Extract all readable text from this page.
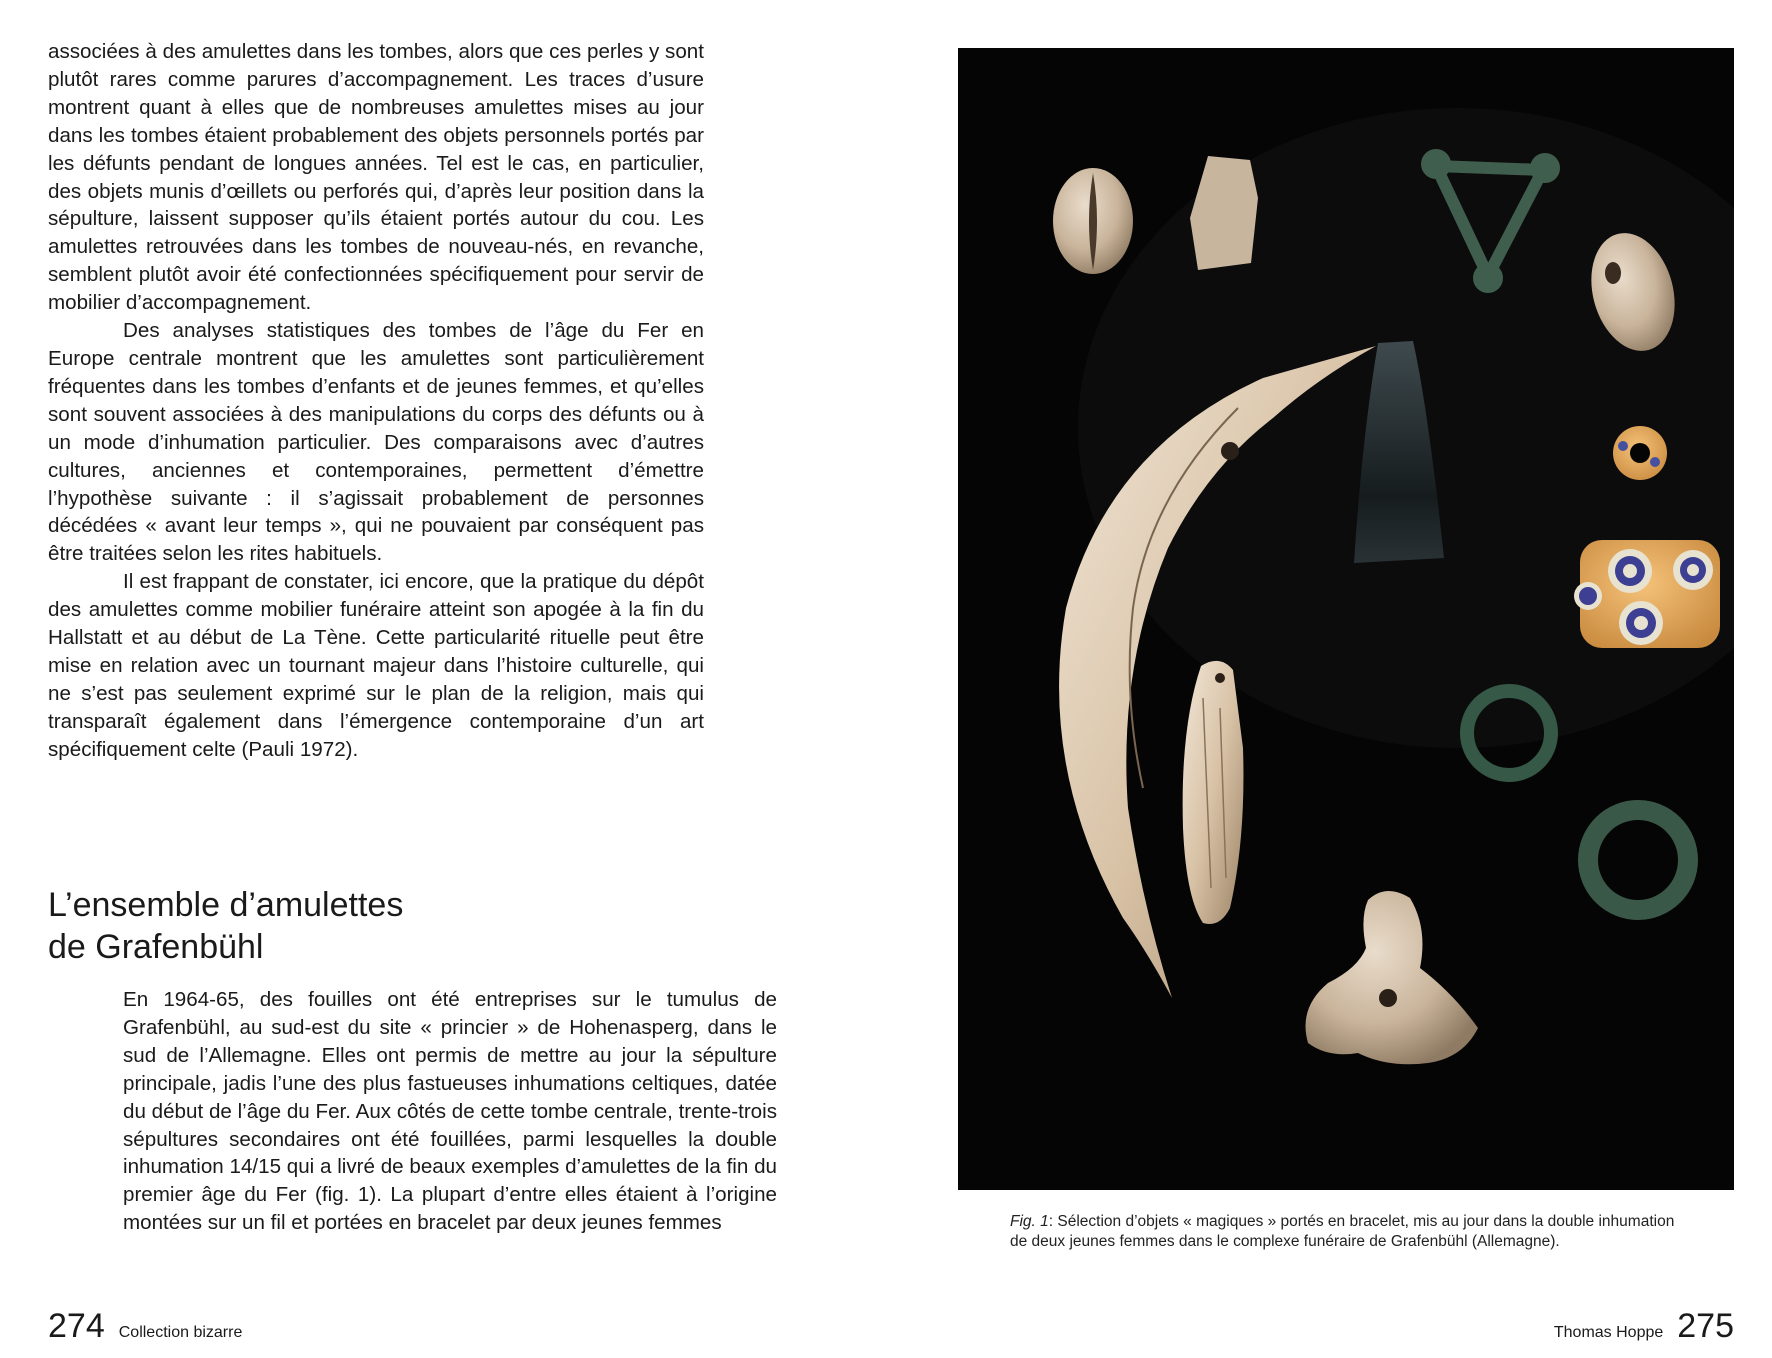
associées à des amulettes dans les tombes, alors que ces perles y sont plutôt rares comme parures d’accompagnement. Les traces d’usure montrent quant à elles que de nombreuses amulettes mises au jour dans les tombes étaient probablement des objets personnels portés par les défunts pendant de longues années. Tel est le cas, en particulier, des objets munis d’œillets ou perforés qui, d’après leur position dans la sépulture, laissent supposer qu’ils étaient portés autour du cou. Les amulettes retrouvées dans les tombes de nouveau-nés, en revanche, semblent plutôt avoir été confectionnées spécifiquement pour servir de mobilier d’accompagnement.

Des analyses statistiques des tombes de l’âge du Fer en Europe centrale montrent que les amulettes sont particulièrement fréquentes dans les tombes d’enfants et de jeunes femmes, et qu’elles sont souvent associées à des manipulations du corps des défunts ou à un mode d’inhumation particulier. Des comparaisons avec d’autres cultures, anciennes et contemporaines, permettent d’émettre l’hypothèse suivante : il s’agissait probablement de personnes décédées « avant leur temps », qui ne pouvaient par conséquent pas être traitées selon les rites habituels.

Il est frappant de constater, ici encore, que la pratique du dépôt des amulettes comme mobilier funéraire atteint son apogée à la fin du Hallstatt et au début de La Tène. Cette particularité rituelle peut être mise en relation avec un tournant majeur dans l’histoire culturelle, qui ne s’est pas seulement exprimé sur le plan de la religion, mais qui transparaît également dans l’émergence contemporaine d’un art spécifiquement celte (Pauli 1972).

L’ensemble d’amulettes
de Grafenbühl

En 1964-65, des fouilles ont été entreprises sur le tumulus de Grafenbühl, au sud-est du site « princier » de Hohenasperg, dans le sud de l’Allemagne. Elles ont permis de mettre au jour la sépulture principale, jadis l’une des plus fastueuses inhumations celtiques, datée du début de l’âge du Fer. Aux côtés de cette tombe centrale, trente-trois sépultures secondaires ont été fouillées, parmi lesquelles la double inhumation 14/15 qui a livré de beaux exemples d’amulettes de la fin du premier âge du Fer (fig. 1). La plupart d’entre elles étaient à l’origine montées sur un fil et portées en bracelet par deux jeunes femmes

274 Collection bizarre
Fig. 1: Sélection d’objets « magiques » portés en bracelet, mis au jour dans la double inhumation de deux jeunes femmes dans le complexe funéraire de Grafenbühl (Allemagne).
Thomas Hoppe 275
